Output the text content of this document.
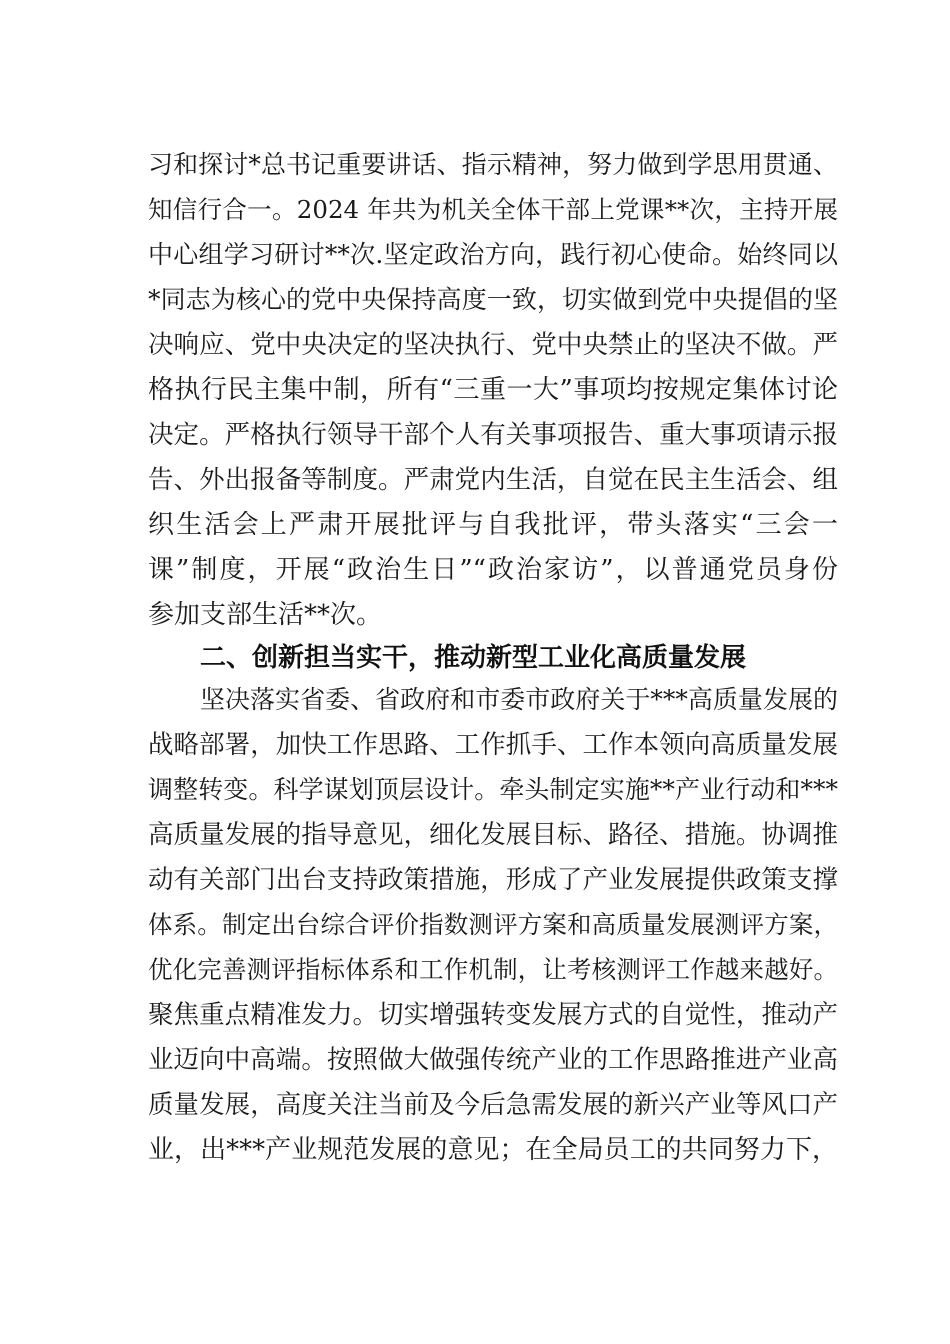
习和探讨*总书记重要讲话、指示精神，努力做到学思用贯通、
知信行合一。2024 年共为机关全体干部上党课**次，主持开展
中心组学习研讨**次.坚定政治方向，践行初心使命。始终同以
*同志为核心的党中央保持高度一致，切实做到党中央提倡的坚
决响应、党中央决定的坚决执行、党中央禁止的坚决不做。严
格执行民主集中制，所有“三重一大”事项均按规定集体讨论
决定。严格执行领导干部个人有关事项报告、重大事项请示报
告、外出报备等制度。严肃党内生活，自觉在民主生活会、组
织生活会上严肃开展批评与自我批评，带头落实“三会一
课”制度，开展“政治生日”“政治家访”，以普通党员身份
参加支部生活**次。
二、创新担当实干，推动新型工业化高质量发展
坚决落实省委、省政府和市委市政府关于***高质量发展的
战略部署，加快工作思路、工作抓手、工作本领向高质量发展
调整转变。科学谋划顶层设计。牵头制定实施**产业行动和***
高质量发展的指导意见，细化发展目标、路径、措施。协调推
动有关部门出台支持政策措施，形成了产业发展提供政策支撑
体系。制定出台综合评价指数测评方案和高质量发展测评方案，
优化完善测评指标体系和工作机制，让考核测评工作越来越好。
聚焦重点精准发力。切实增强转变发展方式的自觉性，推动产
业迈向中高端。按照做大做强传统产业的工作思路推进产业高
质量发展，高度关注当前及今后急需发展的新兴产业等风口产
业，出***产业规范发展的意见；在全局员工的共同努力下，
